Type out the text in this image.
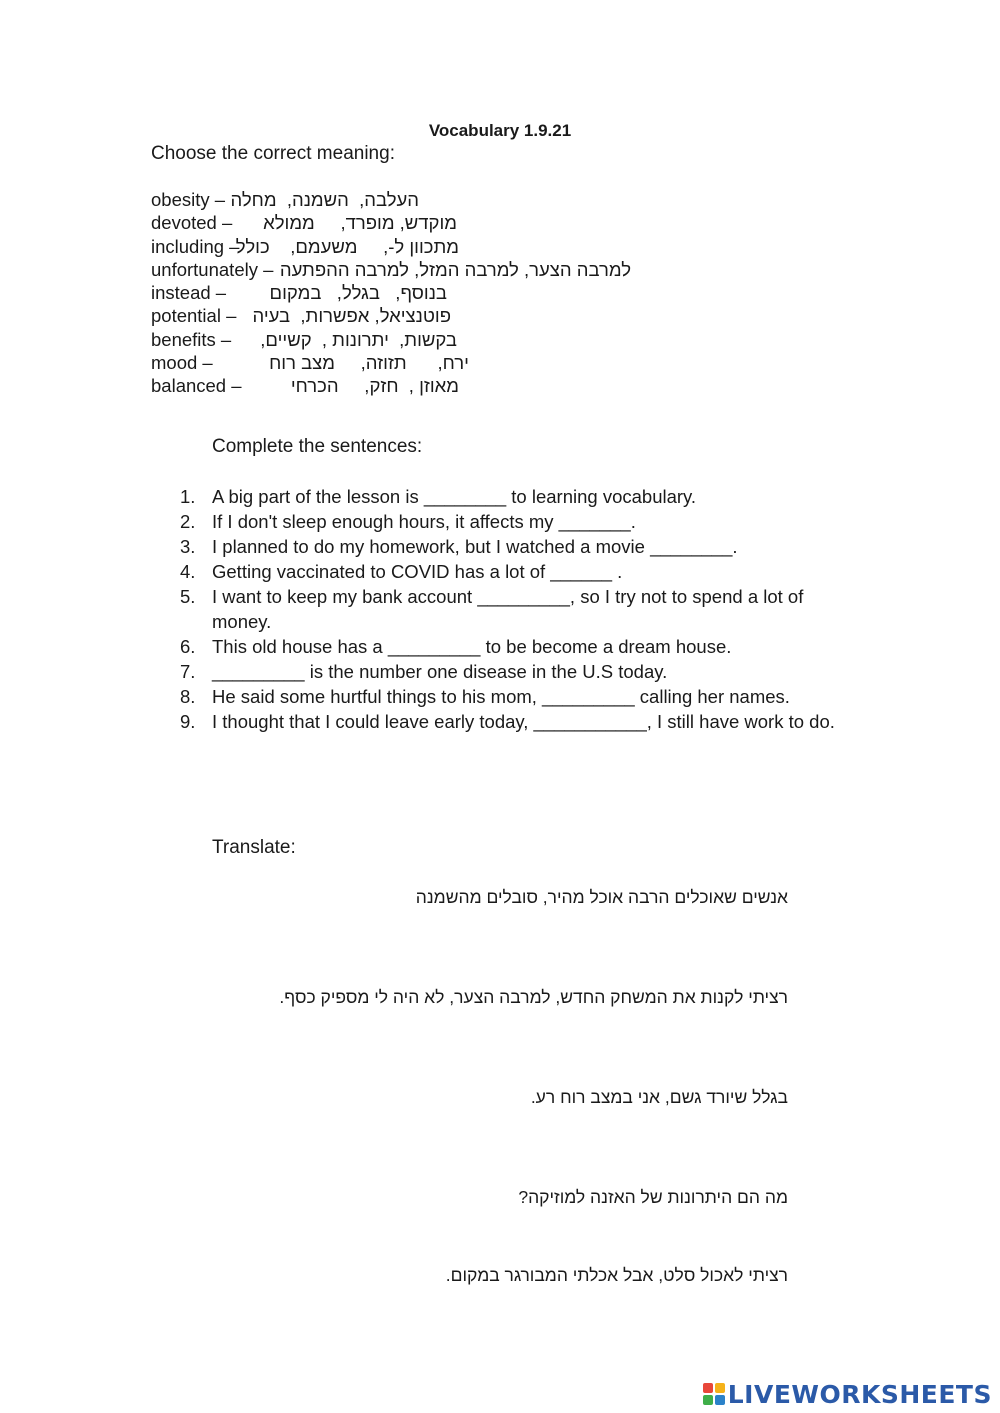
Vocabulary 1.9.21
Choose the correct meaning:
obesity – העלבה,  השמנה,  מחלה
devoted – מוקדש, מופרד,     ממולא
including –
מתכוון ל-,     משעמם,    כולל
unfortunately – למרבה הצער, למרבה המזל, למרבה ההפתעה
instead – בנוסף,   בגלל,   במקום
potential – פוטנציאל, אפשרות,  בעיה
benefits – בקשות,  יתרונות ,  קשיים,
mood –	ירח,      תזוזה,     מצב רוח
balanced –	מאוזן ,  חזק,     הכרחי
Complete the sentences:
1. A big part of the lesson is ________ to learning vocabulary.
2. If I don't sleep enough hours, it affects my _______.
3. I planned to do my homework, but I watched a movie ________.
4. Getting vaccinated to COVID has a lot of ______ .
5. I want to keep my bank account _________, so I try not to spend a lot of money.
6. This old house has a _________ to be become a dream house.
7. _________ is the number one disease in the U.S today.
8. He said some hurtful things to his mom, _________ calling her names.
9. I thought that I could leave early today, ___________, I still have work to do.
Translate:
אנשים שאוכלים הרבה אוכל מהיר, סובלים מהשמנה
רציתי לקנות את המשחק החדש, למרבה הצער, לא היה לי מספיק כסף.
בגלל שיורד גשם, אני במצב רוח רע.
מה הם היתרונות של האזנה למוזיקה?
רציתי לאכול סלט, אבל אכלתי המבורגר במקום.
LIVEWORKSHEETS
